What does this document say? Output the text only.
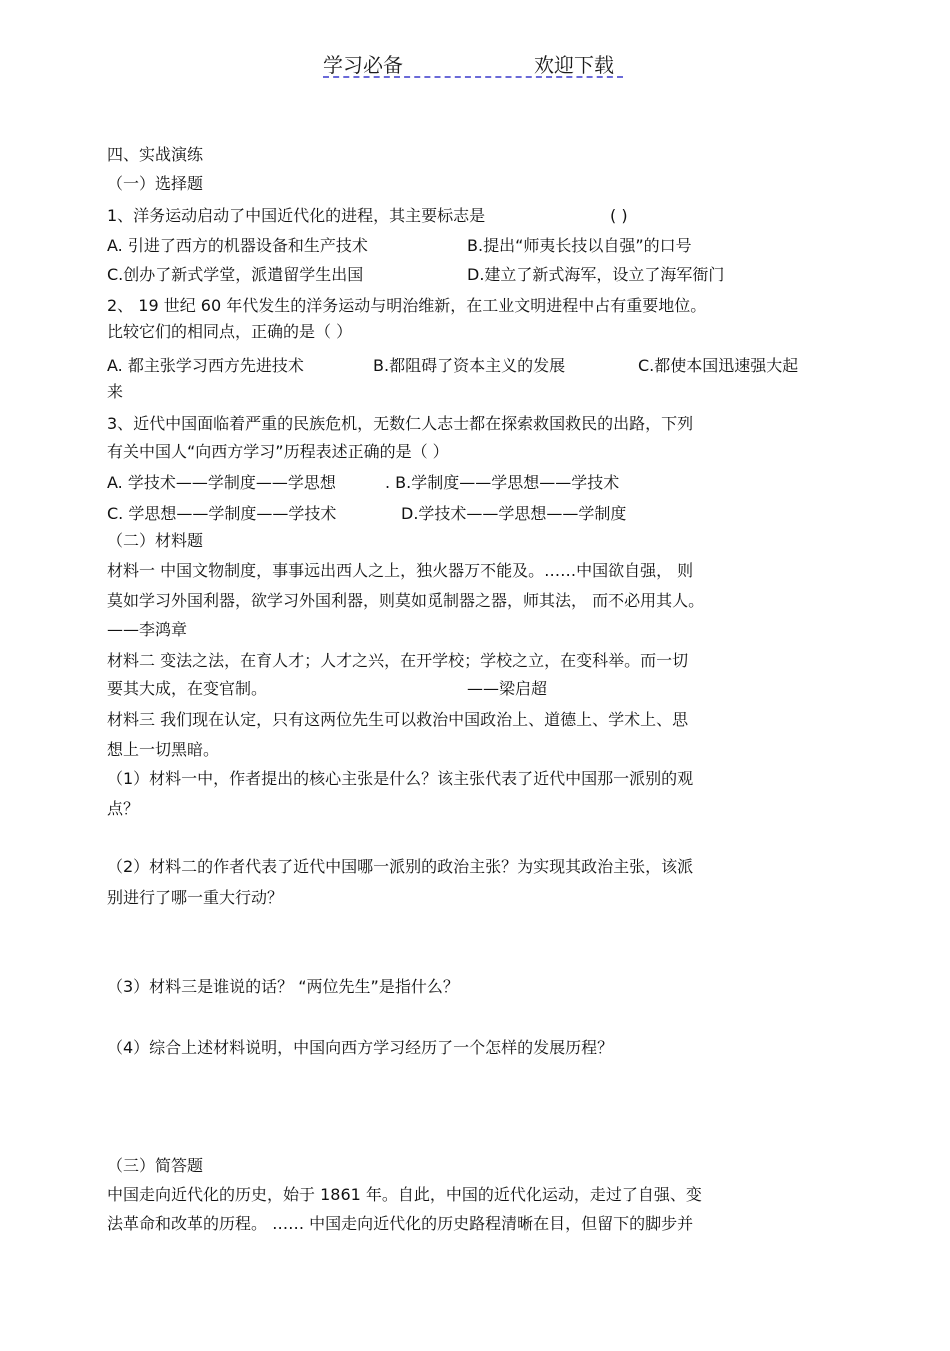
学习必备	欢迎下载
四、实战演练
（一）选择题
1、洋务运动启动了中国近代化的进程，其主要标志是	( )
A. 引进了西方的机器设备和生产技术	B.提出“师夷长技以自强”的口号
C.创办了新式学堂，派遣留学生出国	D.建立了新式海军，设立了海军衙门
2、 19 世纪 60 年代发生的洋务运动与明治维新，在工业文明进程中占有重要地位。
比较它们的相同点，正确的是（ ）
A. 都主张学习西方先进技术	B.都阻碍了资本主义的发展	C.都使本国迅速强大起
来
3、近代中国面临着严重的民族危机，无数仁人志士都在探索救国救民的出路，下列
有关中国人“向西方学习”历程表述正确的是（ ）
A. 学技术——学制度——学思想	. B.学制度——学思想——学技术
C. 学思想——学制度——学技术	D.学技术——学思想——学制度
（二）材料题
材料一 中国文物制度，事事远出西人之上，独火器万不能及。……中国欲自强， 则
莫如学习外国利器，欲学习外国利器，则莫如觅制器之器，师其法， 而不必用其人。
——李鸿章
材料二 变法之法，在育人才；人才之兴，在开学校；学校之立，在变科举。而一切
要其大成，在变官制。	——梁启超
材料三 我们现在认定，只有这两位先生可以救治中国政治上、道德上、学术上、思
想上一切黑暗。
（1）材料一中，作者提出的核心主张是什么？该主张代表了近代中国那一派别的观
点？
（2）材料二的作者代表了近代中国哪一派别的政治主张？为实现其政治主张，该派
别进行了哪一重大行动？
（3）材料三是谁说的话？ “两位先生”是指什么？
（4）综合上述材料说明，中国向西方学习经历了一个怎样的发展历程？
（三）简答题
中国走向近代化的历史，始于 1861 年。自此，中国的近代化运动，走过了自强、变
法革命和改革的历程。 …… 中国走向近代化的历史路程清晰在目，但留下的脚步并
